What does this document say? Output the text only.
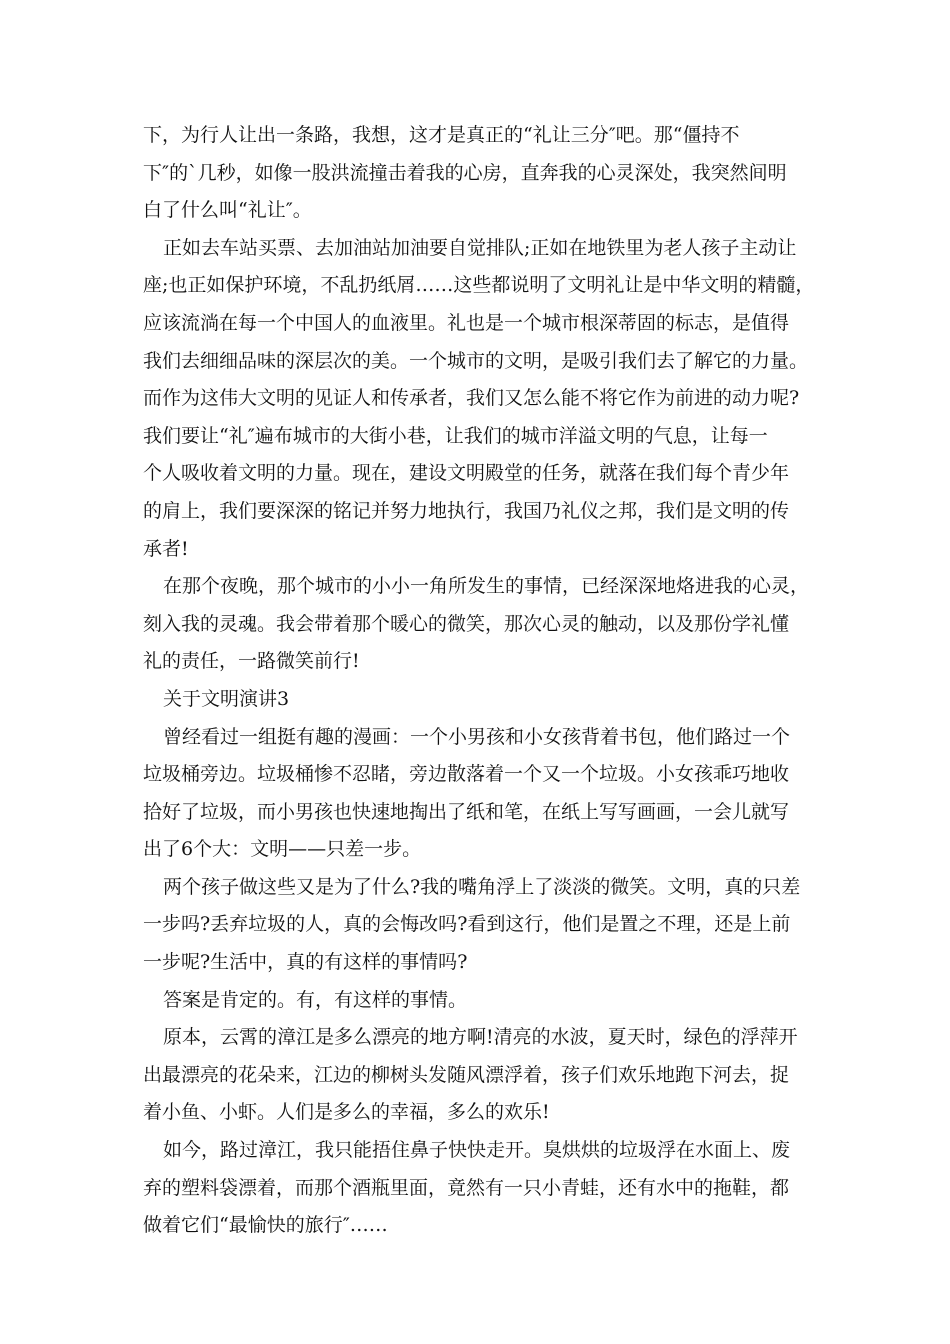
下，为行人让出一条路，我想，这才是真正的“礼让三分″吧。那“僵持不
下″的`几秒，如像一股洪流撞击着我的心房，直奔我的心灵深处，我突然间明
白了什么叫“礼让″。
正如去车站买票、去加油站加油要自觉排队;正如在地铁里为老人孩子主动让
座;也正如保护环境，不乱扔纸屑……这些都说明了文明礼让是中华文明的精髓，
应该流淌在每一个中国人的血液里。礼也是一个城市根深蒂固的标志，是值得
我们去细细品味的深层次的美。一个城市的文明，是吸引我们去了解它的力量。
而作为这伟大文明的见证人和传承者，我们又怎么能不将它作为前进的动力呢?
我们要让“礼″遍布城市的大街小巷，让我们的城市洋溢文明的气息，让每一
个人吸收着文明的力量。现在，建设文明殿堂的任务，就落在我们每个青少年
的肩上，我们要深深的铭记并努力地执行，我国乃礼仪之邦，我们是文明的传
承者!
在那个夜晚，那个城市的小小一角所发生的事情，已经深深地烙进我的心灵，
刻入我的灵魂。我会带着那个暖心的微笑，那次心灵的触动，以及那份学礼懂
礼的责任，一路微笑前行!
关于文明演讲3
曾经看过一组挺有趣的漫画：一个小男孩和小女孩背着书包，他们路过一个
垃圾桶旁边。垃圾桶惨不忍睹，旁边散落着一个又一个垃圾。小女孩乖巧地收
拾好了垃圾，而小男孩也快速地掏出了纸和笔，在纸上写写画画，一会儿就写
出了6个大：文明——只差一步。
两个孩子做这些又是为了什么?我的嘴角浮上了淡淡的微笑。文明，真的只差
一步吗?丢弃垃圾的人，真的会悔改吗?看到这行，他们是置之不理，还是上前
一步呢?生活中，真的有这样的事情吗?
答案是肯定的。有，有这样的事情。
原本，云霄的漳江是多么漂亮的地方啊!清亮的水波，夏天时，绿色的浮萍开
出最漂亮的花朵来，江边的柳树头发随风漂浮着，孩子们欢乐地跑下河去，捉
着小鱼、小虾。人们是多么的幸福，多么的欢乐!
如今，路过漳江，我只能捂住鼻子快快走开。臭烘烘的垃圾浮在水面上、废
弃的塑料袋漂着，而那个酒瓶里面，竟然有一只小青蛙，还有水中的拖鞋，都
做着它们“最愉快的旅行″……
